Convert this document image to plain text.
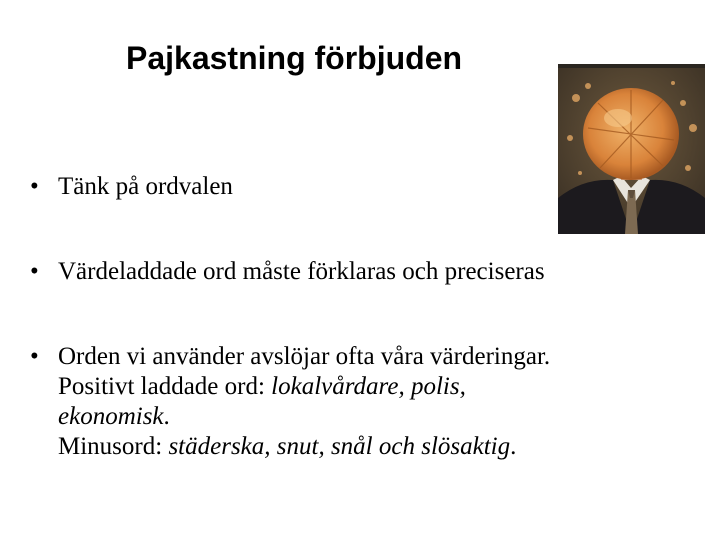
Pajkastning förbjuden
• Tänk på ordvalen
• Värdeladdade ord måste förklaras och preciseras
• Orden vi använder avslöjar ofta våra värderingar.
Positivt laddade ord: lokalvårdare, polis,
ekonomisk.
Minusord: städerska, snut, snål och slösaktig.
